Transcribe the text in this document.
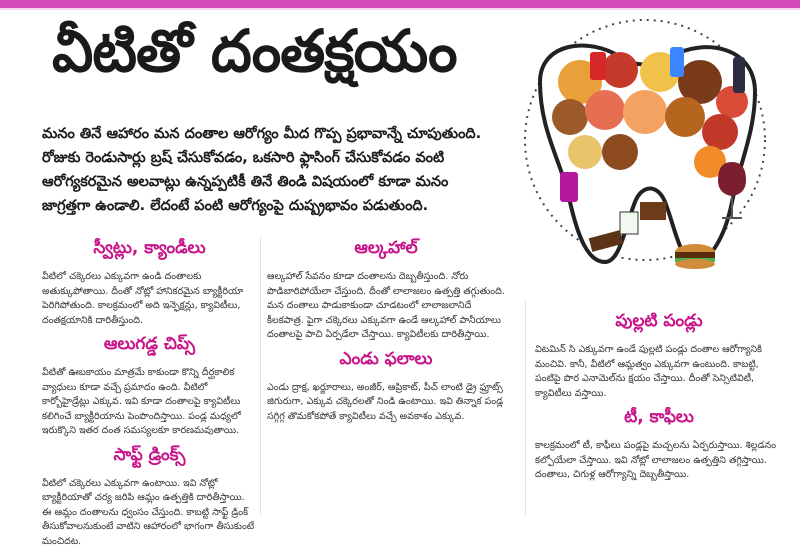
వీటితో దంతక్షయం
మనం తినే ఆహారం మన దంతాల ఆరోగ్యం మీద గొప్ప ప్రభావాన్నే చూపుతుంది. రోజుకు రెండుసార్లు బ్రష్ చేసుకోవడం, ఒకసారి ఫ్లాసింగ్ చేసుకోవడం వంటి ఆరోగ్యకరమైన అలవాట్లు ఉన్నప్పటికీ తినే తిండి విషయంలో కూడా మనం జాగ్రత్తగా ఉండాలి. లేదంటే పంటి ఆరోగ్యంపై దుష్ప్రభావం పడుతుంది.
స్వీట్లు, క్యాండీలు

వీటిలో చక్కెరలు ఎక్కువగా ఉండి దంతాలకు అతుక్కుపోతాయి. దీంతో నోట్లో హానికరమైన బ్యాక్టీరియా పెరిగిపోతుంది. కాలక్రమంలో అది ఇన్ఫెక్షన్లు, క్యావిటీలు, దంతక్షయానికి దారితీస్తుంది.

ఆలుగడ్డ చిప్స్

వీటితో ఊబకాయం మాత్రమే కాకుండా కొన్ని దీర్ఘకాలిక వ్యాధులు కూడా వచ్చే ప్రమాదం ఉంది. వీటిలో కార్బోహైడ్రేట్లు ఎక్కువ. ఇవి కూడా దంతాలపై క్యావిటీలు కలిగించే బ్యాక్టీరియాను పెంపొందిస్తాయి. పండ్ల మధ్యలో ఇరుక్కొని ఇతర దంత సమస్యలకూ కారణమవుతాయి.

సాఫ్ట్ డ్రింక్స్

వీటిలో చక్కెరలు ఎక్కువగా ఉంటాయి. ఇవి నోట్లో బ్యాక్టీరియాతో చర్య జరిపి ఆమ్లం ఉత్పత్తికి దారితీస్తాయి. ఈ ఆమ్లం దంతాలను ధ్వంసం చేస్తుంది. కాబట్టి సాఫ్ట్ డ్రింక్ తీసుకోవాలనుకుంటే వాటిని ఆహారంలో భాగంగా తీసుకుంటే మంచిదట.

ఆల్కహాల్

ఆల్కహాల్ సేవనం కూడా దంతాలను దెబ్బతీస్తుంది. నోరు పొడిబారిపోయేలా చేస్తుంది. దీంతో లాలాజలం ఉత్పత్తి తగ్గుతుంది. మన దంతాలు పాడుకాకుండా చూడటంలో లాలాజలానిదే కీలకపాత్ర. పైగా చక్కెరలు ఎక్కువగా ఉండే ఆల్కహాల్ పానీయాలు దంతాలపై పాచి ఏర్పడేలా చేస్తాయి. క్యావిటీలకు దారితీస్తాయి.

ఎండు ఫలాలు

ఎండు ద్రాక్ష, ఖర్జూరాలు, అంజీర్, ఆప్రికాట్, పీచ్ లాంటి డ్రై ఫ్రూట్స్ జిగురుగా, ఎక్కువ చక్కెరలతో నిండి ఉంటాయి. ఇవి తిన్నాక పండ్ల సగ్గిగ్గ తొమకోకపోతే క్యావిటీలు వచ్చే అవకాశం ఎక్కువ.

పుల్లటి పండ్లు

విటమిన్ సి ఎక్కువగా ఉండే పుల్లటి పండ్లు దంతాల ఆరోగ్యానికి మంచివి. కానీ, వీటిలో ఆమ్లత్వం ఎక్కువగా ఉంటుంది. కాబట్టి, పంటిపై పొర ఎనామెల్‌ను క్షయం చేస్తాయి. దీంతో సెన్సిటివిటీ, క్యావిటీలు వస్తాయి.

టీ, కాఫీలు

కాలక్రమంలో టీ, కాఫీలు పండ్లపై మచ్చలను ఏర్పరుస్తాయి. శిల్లడనం కల్పోయేలా చేస్తాయి. ఇవి నోట్లో లాలాజలం ఉత్పత్తిని తగ్గిస్తాయి. దంతాలు, చిగుళ్ల ఆరోగ్యాన్ని దెబ్బతీస్తాయి.
